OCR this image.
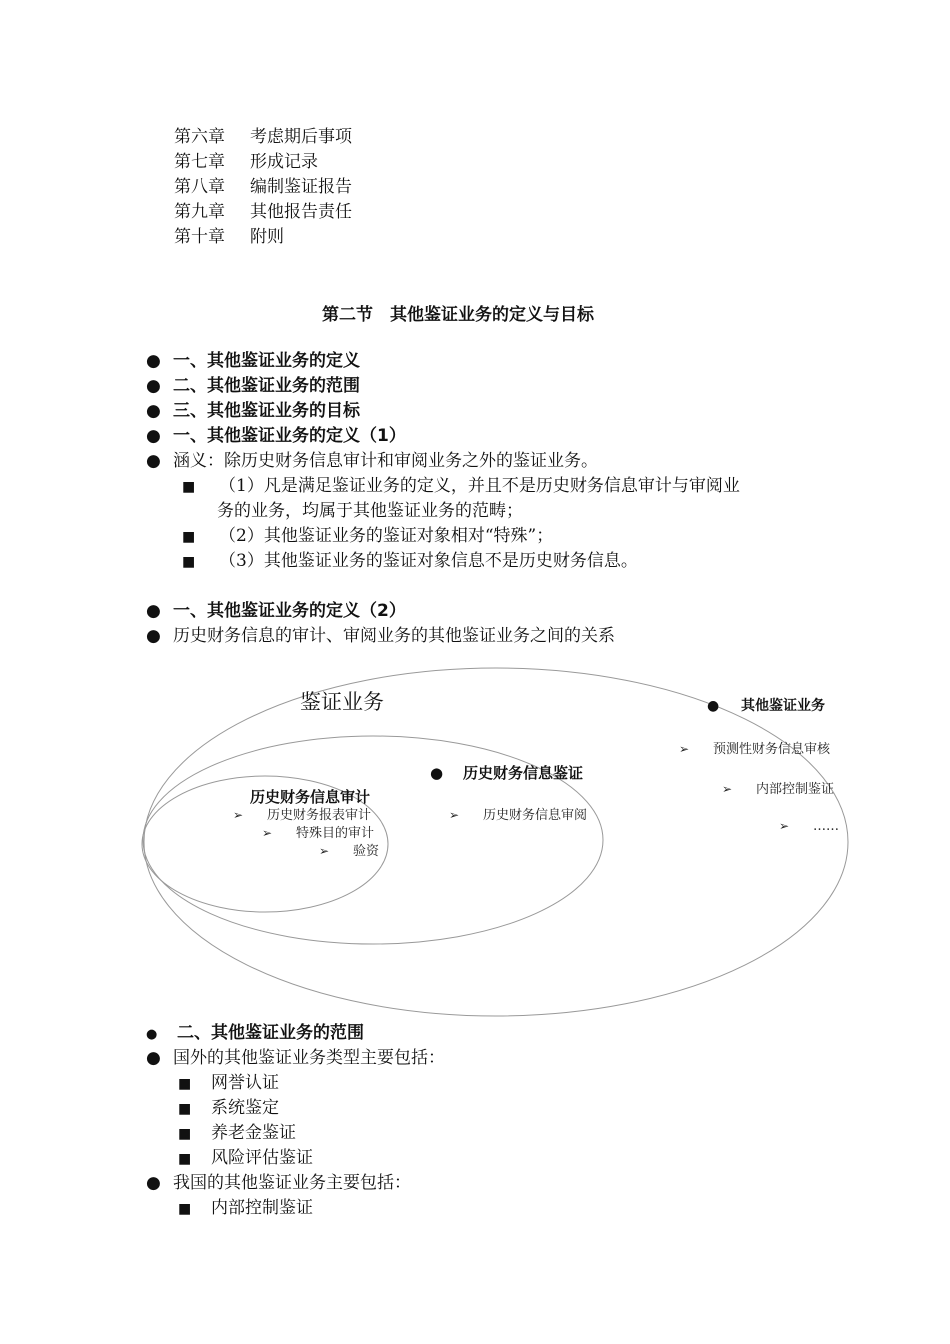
第六章 考虑期后事项
第七章 形成记录
第八章 编制鉴证报告
第九章 其他报告责任
第十章 附则
第二节　其他鉴证业务的定义与目标
● 一、其他鉴证业务的定义
● 二、其他鉴证业务的范围
● 三、其他鉴证业务的目标
● 一、其他鉴证业务的定义（1）
● 涵义：除历史财务信息审计和审阅业务之外的鉴证业务。
■ （1）凡是满足鉴证业务的定义，并且不是历史财务信息审计与审阅业
务的业务，均属于其他鉴证业务的范畴；
■ （2）其他鉴证业务的鉴证对象相对“特殊”；
■ （3）其他鉴证业务的鉴证对象信息不是历史财务信息。
● 一、其他鉴证业务的定义（2）
● 历史财务信息的审计、审阅业务的其他鉴证业务之间的关系
鉴证业务	● 其他鉴证业务
➢ 预测性财务信息审核
➢ 内部控制鉴证
➢ ……
● 历史财务信息鉴证
➢ 历史财务信息审阅
历史财务信息审计
➢ 历史财务报表审计
➢ 特殊目的审计
➢ 验资
● 二、其他鉴证业务的范围
● 国外的其他鉴证业务类型主要包括：
■ 网誉认证
■ 系统鉴定
■ 养老金鉴证
■ 风险评估鉴证
● 我国的其他鉴证业务主要包括：
■ 内部控制鉴证
